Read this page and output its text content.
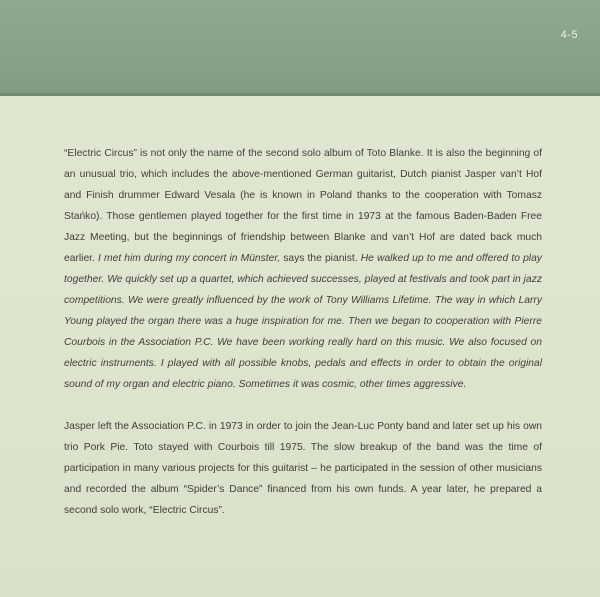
4-5

“Electric Circus” is not only the name of the second solo album of Toto Blanke. It is also the beginning of an unusual trio, which includes the above-mentioned German guitarist, Dutch pianist Jasper van’t Hof and Finish drummer Edward Vesala (he is known in Poland thanks to the cooperation with Tomasz Stańko). Those gentlemen played together for the first time in 1973 at the famous Baden-Baden Free Jazz Meeting, but the beginnings of friendship between Blanke and van’t Hof are dated back much earlier. I met him during my concert in Münster, says the pianist. He walked up to me and offered to play together. We quickly set up a quartet, which achieved successes, played at festivals and took part in jazz competitions. We were greatly influenced by the work of Tony Williams Lifetime. The way in which Larry Young played the organ there was a huge inspiration for me. Then we began to cooperation with Pierre Courbois in the Association P.C. We have been working really hard on this music. We also focused on electric instruments. I played with all possible knobs, pedals and effects in order to obtain the original sound of my organ and electric piano. Sometimes it was cosmic, other times aggressive.

Jasper left the Association P.C. in 1973 in order to join the Jean-Luc Ponty band and later set up his own trio Pork Pie. Toto stayed with Courbois till 1975. The slow breakup of the band was the time of participation in many various projects for this guitarist – he participated in the session of other musicians and recorded the album “Spider’s Dance” financed from his own funds. A year later, he prepared a second solo work, “Electric Circus”.
